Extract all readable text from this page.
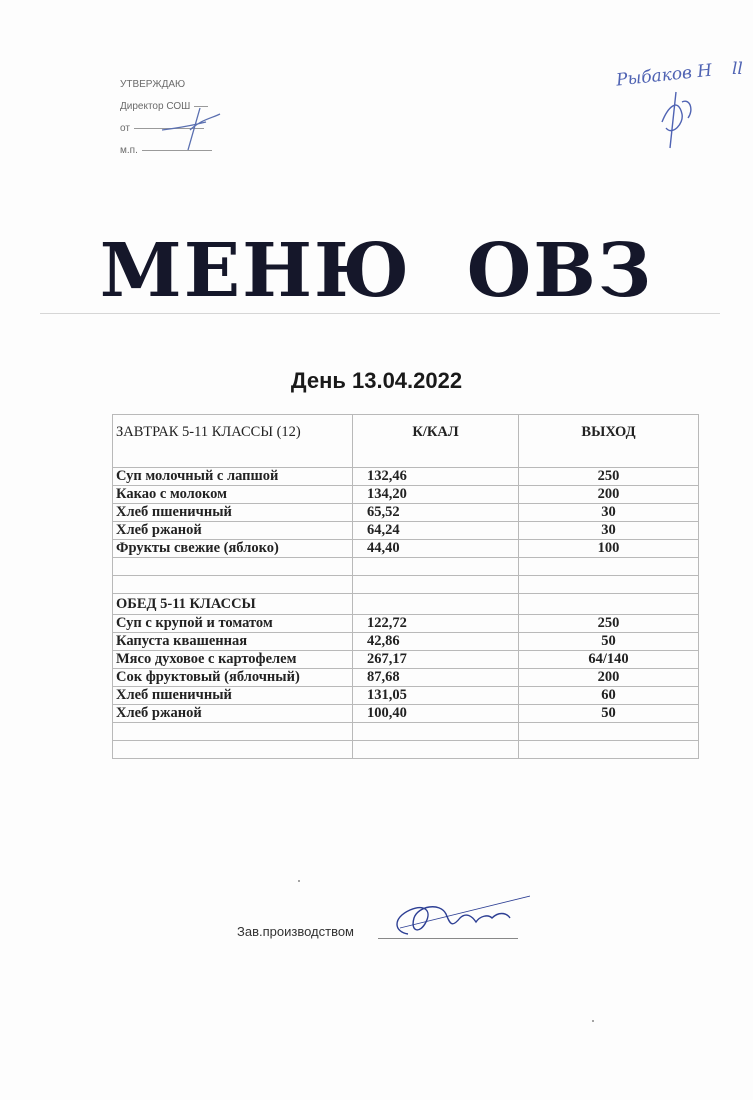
УТВЕРЖДАЮ
Директор СОШ
от
м.п.
Рыбаков Н ll
МЕНЮ  ОВЗ
День 13.04.2022
ЗАВТРАК 5-11 КЛАССЫ (12)	К/КАЛ	ВЫХОД
Суп молочный с лапшой	132,46	250
Какао с молоком	134,20	200
Хлеб пшеничный	65,52	30
Хлеб ржаной	64,24	30
Фрукты свежие (яблоко)	44,40	100

ОБЕД 5-11 КЛАССЫ		
Суп с крупой и томатом	122,72	250
Капуста квашенная	42,86	50
Мясо духовое с картофелем	267,17	64/140
Сок фруктовый (яблочный)	87,68	200
Хлеб пшеничный	131,05	60
Хлеб ржаной	100,40	50

Зав.производством
